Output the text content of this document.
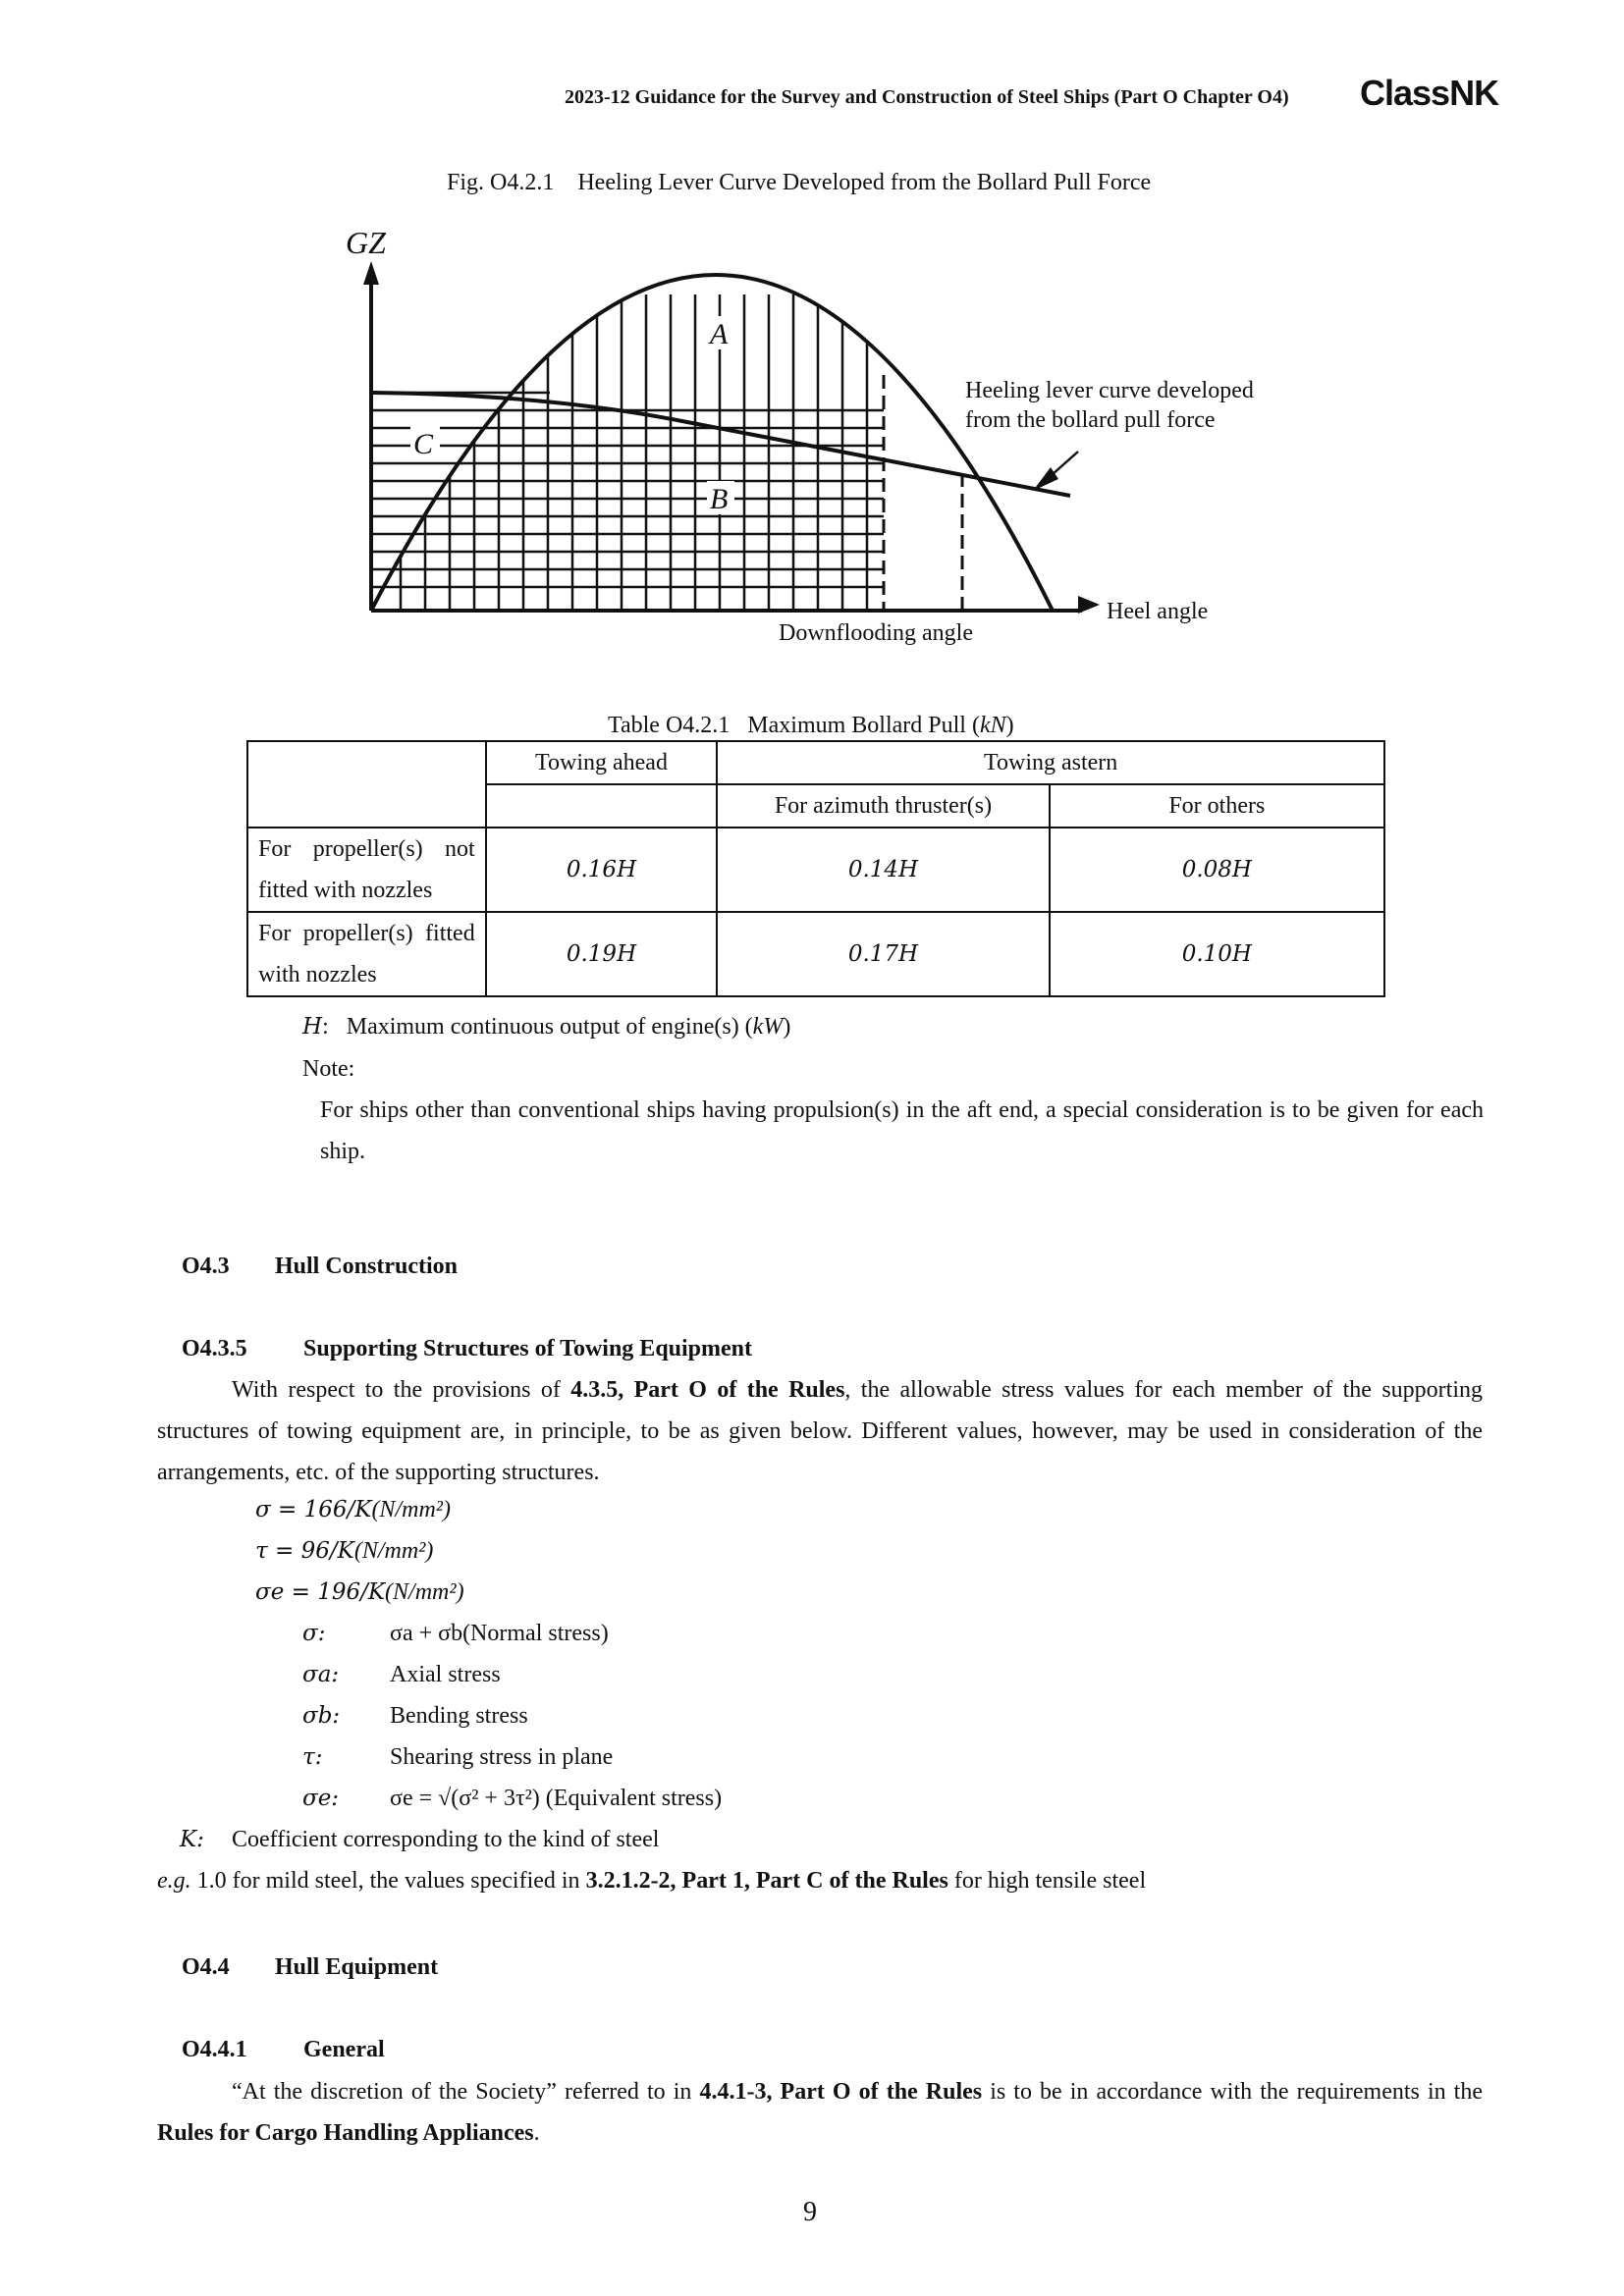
2023-12 Guidance for the Survey and Construction of Steel Ships (Part O Chapter O4) ClassNK
Fig. O4.2.1    Heeling Lever Curve Developed from the Bollard Pull Force
GZ
A
B
C
Heeling lever curve developed
from the bollard pull force
Heel angle
Downflooding angle
Table O4.2.1   Maximum Bollard Pull (kN)
	Towing ahead	Towing astern	
		For azimuth thruster(s)	For others
For propeller(s) not fitted with nozzles	0.16H	0.14H	0.08H
For propeller(s) fitted with nozzles	0.19H	0.17H	0.10H
H:   Maximum continuous output of engine(s) (kW)
Note:
For ships other than conventional ships having propulsion(s) in the aft end, a special consideration is to be given for each ship.
O4.3 Hull Construction
O4.3.5 Supporting Structures of Towing Equipment
With respect to the provisions of 4.3.5, Part O of the Rules, the allowable stress values for each member of the supporting structures of towing equipment are, in principle, to be as given below. Different values, however, may be used in consideration of the arrangements, etc. of the supporting structures.
σ = 166/K(N/mm²)
τ = 96/K(N/mm²)
σe = 196/K(N/mm²)
σ:	σa + σb(Normal stress)
σa: Axial stress
σb: Bending stress
τ:	Shearing stress in plane
σe: σe = √(σ² + 3τ²) (Equivalent stress)
K: Coefficient corresponding to the kind of steel
e.g. 1.0 for mild steel, the values specified in 3.2.1.2-2, Part 1, Part C of the Rules for high tensile steel
O4.4 Hull Equipment
O4.4.1 General
“At the discretion of the Society” referred to in 4.4.1-3, Part O of the Rules is to be in accordance with the requirements in the Rules for Cargo Handling Appliances.
9
